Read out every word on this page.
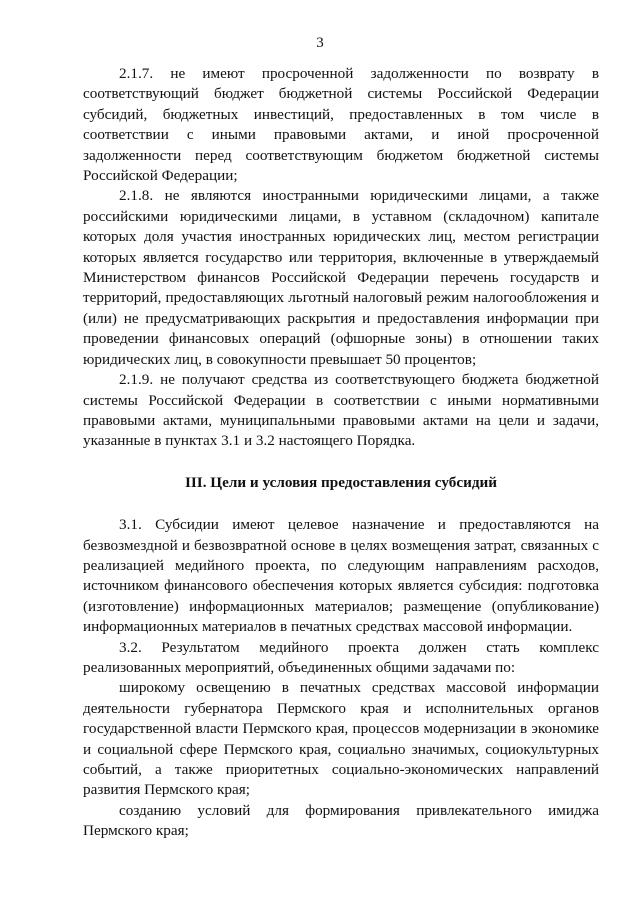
3

2.1.7. не имеют просроченной задолженности по возврату в соответствующий бюджет бюджетной системы Российской Федерации субсидий, бюджетных инвестиций, предоставленных в том числе в соответствии с иными правовыми актами, и иной просроченной задолженности перед соответствующим бюджетом бюджетной системы Российской Федерации;

2.1.8. не являются иностранными юридическими лицами, а также российскими юридическими лицами, в уставном (складочном) капитале которых доля участия иностранных юридических лиц, местом регистрации которых является государство или территория, включенные в утверждаемый Министерством финансов Российской Федерации перечень государств и территорий, предоставляющих льготный налоговый режим налогообложения и (или) не предусматривающих раскрытия и предоставления информации при проведении финансовых операций (офшорные зоны) в отношении таких юридических лиц, в совокупности превышает 50 процентов;

2.1.9. не получают средства из соответствующего бюджета бюджетной системы Российской Федерации в соответствии с иными нормативными правовыми актами, муниципальными правовыми актами на цели и задачи, указанные в пунктах 3.1 и 3.2 настоящего Порядка.

III. Цели и условия предоставления субсидий

3.1. Субсидии имеют целевое назначение и предоставляются на безвозмездной и безвозвратной основе в целях возмещения затрат, связанных с реализацией медийного проекта, по следующим направлениям расходов, источником финансового обеспечения которых является субсидия: подготовка (изготовление) информационных материалов; размещение (опубликование) информационных материалов в печатных средствах массовой информации.

3.2. Результатом медийного проекта должен стать комплекс реализованных мероприятий, объединенных общими задачами по:

широкому освещению в печатных средствах массовой информации деятельности губернатора Пермского края и исполнительных органов государственной власти Пермского края, процессов модернизации в экономике и социальной сфере Пермского края, социально значимых, социокультурных событий, а также приоритетных социально-экономических направлений развития Пермского края;

созданию условий для формирования привлекательного имиджа Пермского края;
